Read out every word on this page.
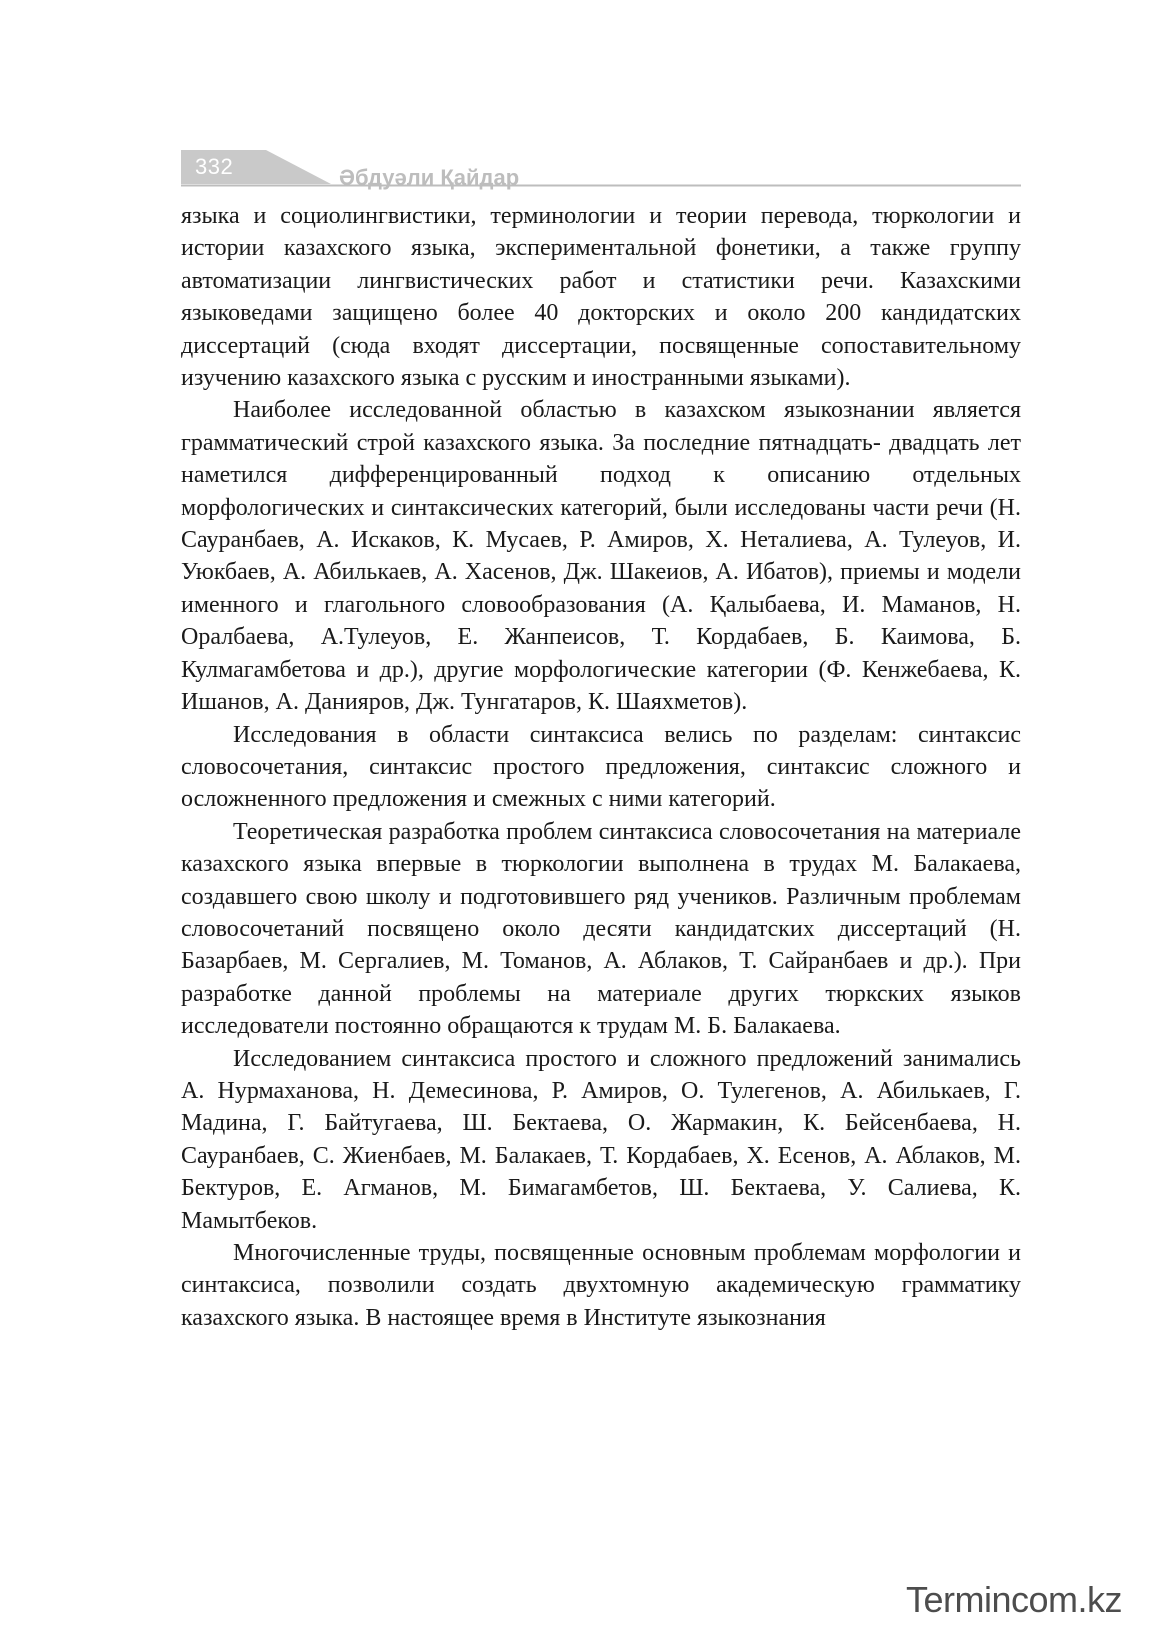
332	Әбдуәли Қайдар

языка и социолингвистики, терминологии и теории перевода, тюркологии и истории казахского языка, экспериментальной фонетики, а также группу автоматизации лингвистических работ и статистики речи. Казахскими языковедами защищено более 40 докторских и около 200 кандидатских диссертаций (сюда входят диссертации, посвященные сопоставительному изучению казахского языка с русским и иностранными языками).

Наиболее исследованной областью в казахском языкознании является грамматический строй казахского языка. За последние пятнадцать- двадцать лет наметился дифференцированный подход к описанию отдельных морфологических и синтаксических категорий, были исследованы части речи (Н. Сауранбаев, А. Искаков, К. Мусаев, Р. Амиров, Х. Неталиева, А. Тулеуов, И. Уюкбаев, А. Абилькаев, А. Хасенов, Дж. Шакеиов, А. Ибатов), приемы и модели именного и глагольного словообразования (А. Қалыбаева, И. Маманов, Н. Оралбаева, А.Тулеуов, Е. Жанпеисов, Т. Кордабаев, Б. Каимова, Б. Кулмагамбетова и др.), другие морфологические категории (Ф. Кенжебаева, К. Ишанов, А. Данияров, Дж. Тунгатаров, К. Шаяхметов).

Исследования в области синтаксиса велись по разделам: синтаксис словосочетания, синтаксис простого предложения, синтаксис сложного и осложненного предложения и смежных с ними категорий.

Теоретическая разработка проблем синтаксиса словосочетания на материале казахского языка впервые в тюркологии выполнена в трудах М. Балакаева, создавшего свою школу и подготовившего ряд учеников. Различным проблемам словосочетаний посвящено около десяти кандидатских диссертаций (Н. Базарбаев, М. Сергалиев, М. Томанов, А. Аблаков, Т. Сайранбаев и др.). При разработке данной проблемы на материале других тюркских языков исследователи постоянно обращаются к трудам М. Б. Балакаева.

Исследованием синтаксиса простого и сложного предложений занимались А. Нурмаханова, Н. Демесинова, Р. Амиров, О. Тулегенов, А. Абилькаев, Г. Мадина, Г. Байтугаева, Ш. Бектаева, О. Жармакин, К. Бейсенбаева, Н. Сауранбаев, С. Жиенбаев, М. Балакаев, Т. Кордабаев, Х. Есенов, А. Аблаков, М. Бектуров, Е. Агманов, М. Бимагамбетов, Ш. Бектаева, У. Салиева, К. Мамытбеков.

Многочисленные труды, посвященные основным проблемам морфологии и синтаксиса, позволили создать двухтомную академическую грамматику казахского языка. В настоящее время в Институте языкознания

Termincom.kz
